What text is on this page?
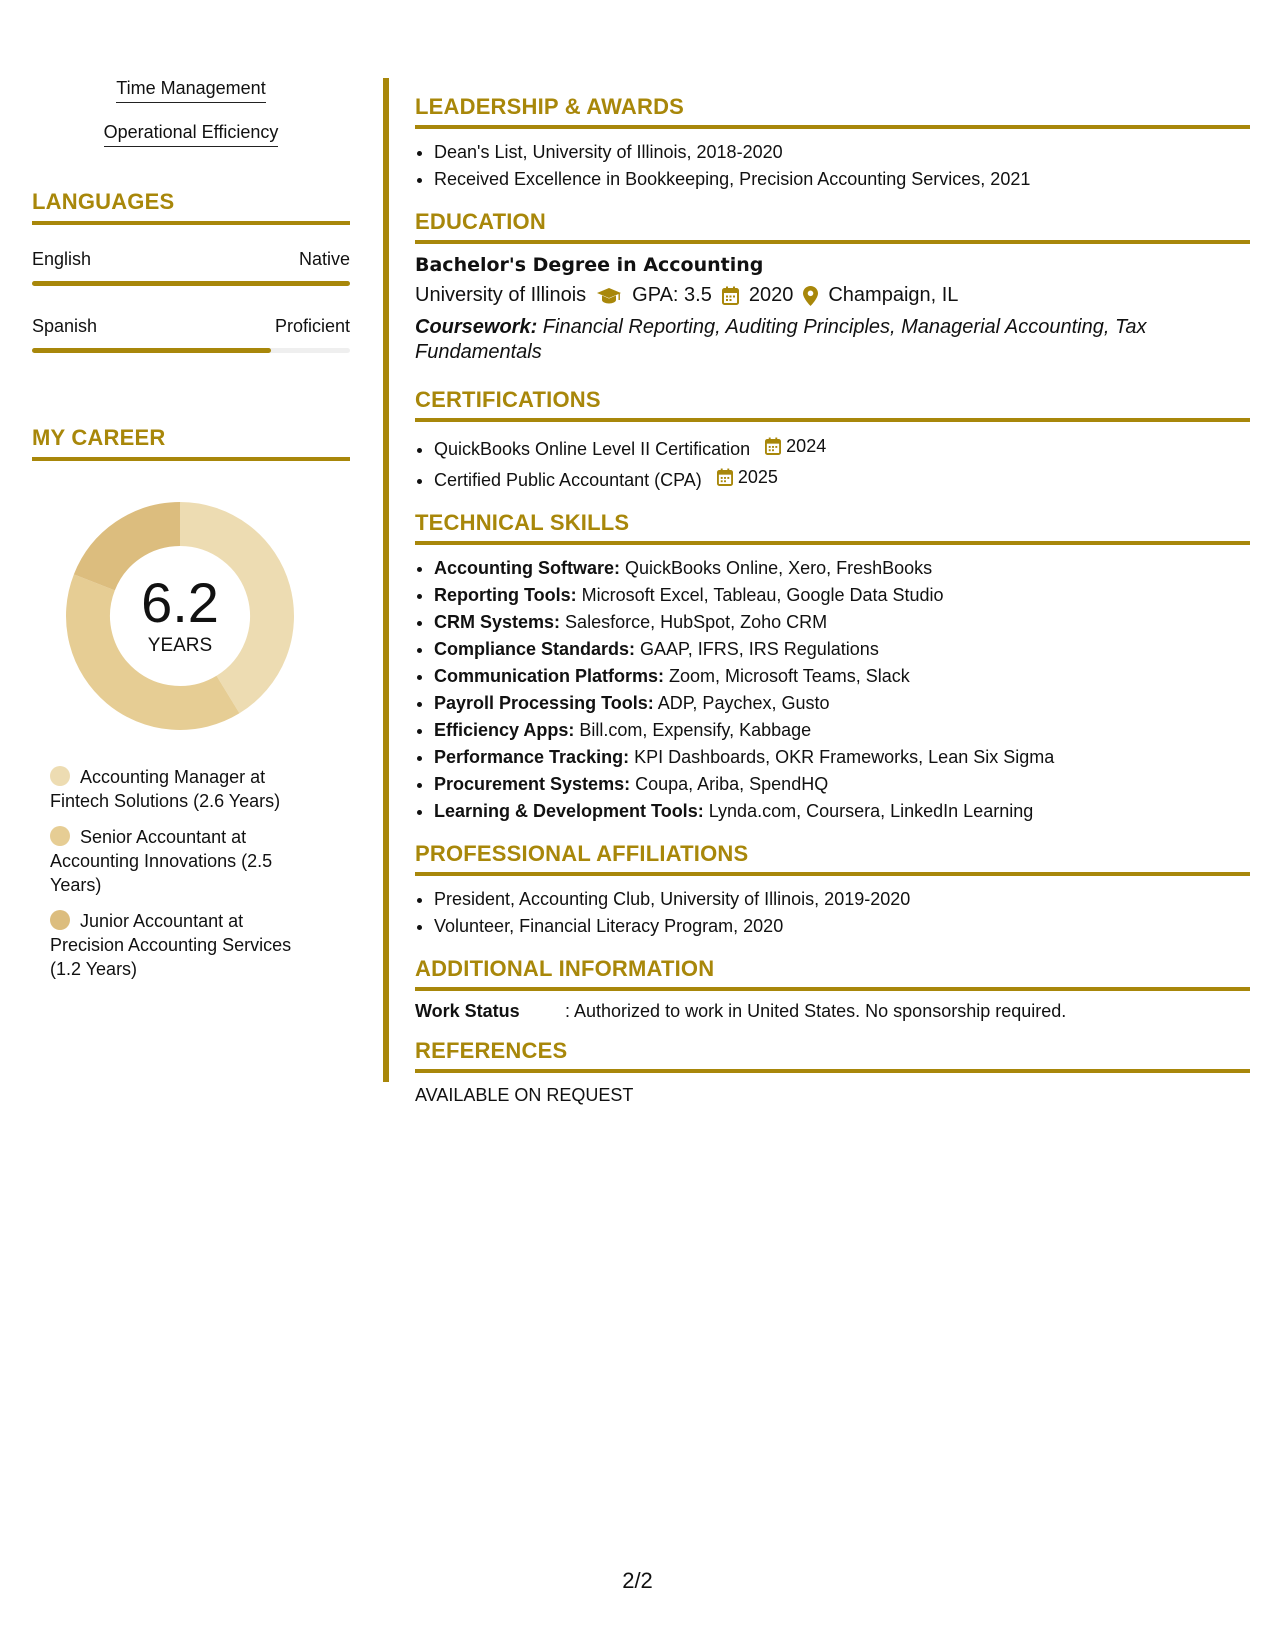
Time Management
Operational Efficiency
LANGUAGES
English	Native
Spanish	Proficient
MY CAREER
6.2
YEARS
Accounting Manager at Fintech Solutions (2.6 Years)
Senior Accountant at Accounting Innovations (2.5 Years)
Junior Accountant at Precision Accounting Services (1.2 Years)
LEADERSHIP & AWARDS
• Dean's List, University of Illinois, 2018-2020
• Received Excellence in Bookkeeping, Precision Accounting Services, 2021
EDUCATION
Bachelor's Degree in Accounting
University of Illinois GPA: 3.5 2020 Champaign, IL
Coursework: Financial Reporting, Auditing Principles, Managerial Accounting, Tax Fundamentals
CERTIFICATIONS
• QuickBooks Online Level II Certification 2024
• Certified Public Accountant (CPA) 2025
TECHNICAL SKILLS
• Accounting Software: QuickBooks Online, Xero, FreshBooks
• Reporting Tools: Microsoft Excel, Tableau, Google Data Studio
• CRM Systems: Salesforce, HubSpot, Zoho CRM
• Compliance Standards: GAAP, IFRS, IRS Regulations
• Communication Platforms: Zoom, Microsoft Teams, Slack
• Payroll Processing Tools: ADP, Paychex, Gusto
• Efficiency Apps: Bill.com, Expensify, Kabbage
• Performance Tracking: KPI Dashboards, OKR Frameworks, Lean Six Sigma
• Procurement Systems: Coupa, Ariba, SpendHQ
• Learning & Development Tools: Lynda.com, Coursera, LinkedIn Learning
PROFESSIONAL AFFILIATIONS
• President, Accounting Club, University of Illinois, 2019-2020
• Volunteer, Financial Literacy Program, 2020
ADDITIONAL INFORMATION
Work Status	: Authorized to work in United States. No sponsorship required.
REFERENCES
AVAILABLE ON REQUEST
2/2
